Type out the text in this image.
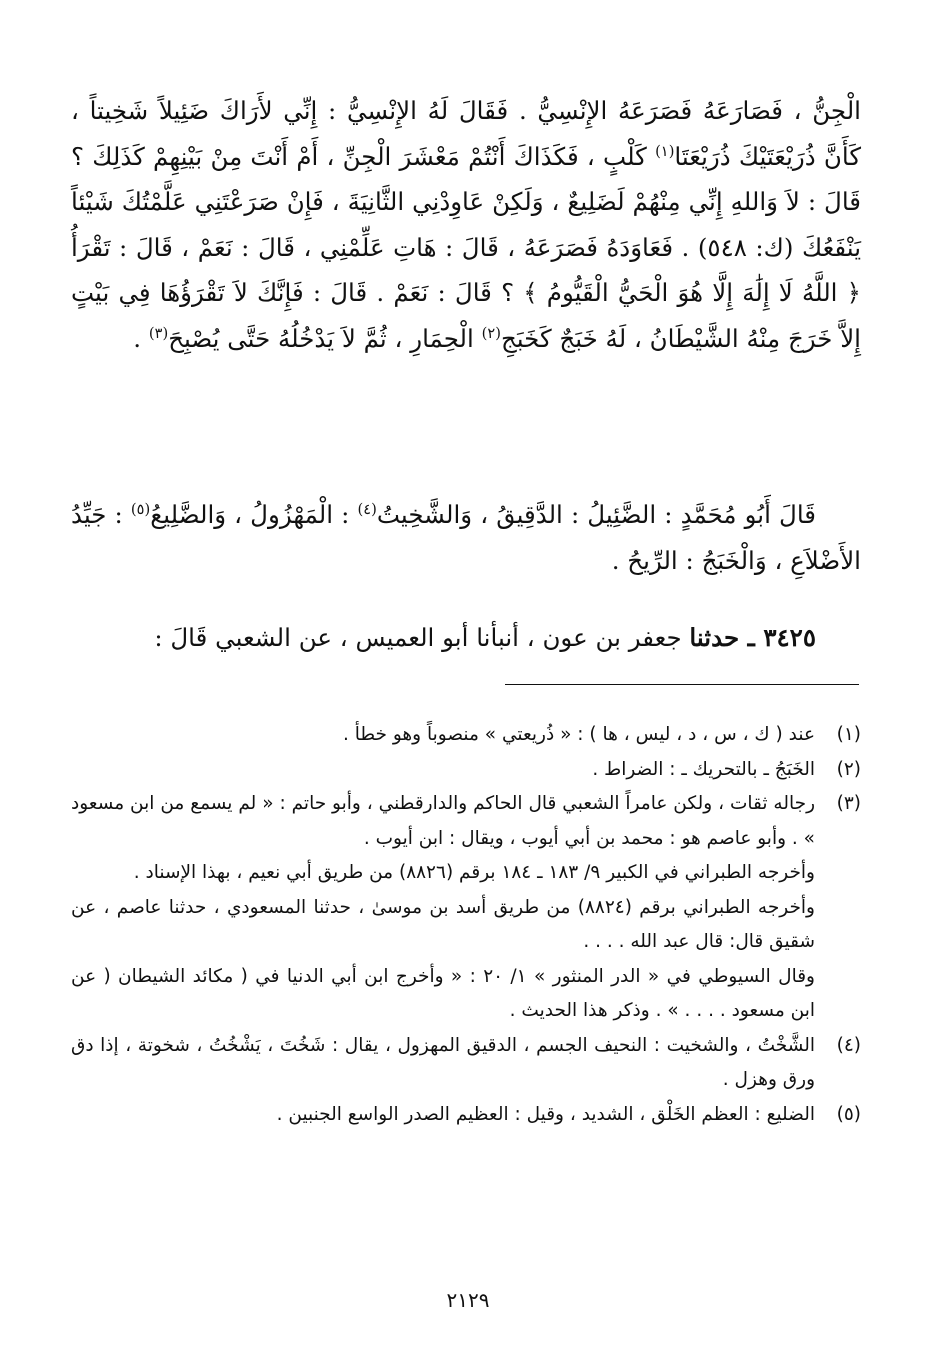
الْجِنُّ ، فَصَارَعَهُ فَصَرَعَهُ الإِنْسِيُّ . فَقَالَ لَهُ الإِنْسِيُّ : إِنِّي لأَرَاكَ ضَئِيلاً شَخِيتاً ، كَأَنَّ ذُرَيْعَتَيْكَ ذُرَيْعَتَا$^{(١)}$ كَلْبٍ ، فَكَذَاكَ أَنْتُمْ مَعْشَرَ الْجِنِّ ، أَمْ أَنْتَ مِنْ بَيْنِهِمْ كَذَلِكَ ؟ قَالَ : لاَ وَاللهِ إِنِّي مِنْهُمْ لَضَلِيعٌ ، وَلَكِنْ عَاوِدْنِي الثَّانِيَةَ ، فَإِنْ صَرَعْتَنِي عَلَّمْتُكَ شَيْئاً يَنْفَعُكَ (ك: ٥٤٨) . فَعَاوَدَهُ فَصَرَعَهُ ، قَالَ : هَاتِ عَلِّمْنِي ، قَالَ : نَعَمْ ، قَالَ : تَقْرَأُ ﴿ اللَّهُ لَا إِلَٰهَ إِلَّا هُوَ الْحَيُّ الْقَيُّومُ ﴾ ؟ قَالَ : نَعَمْ . قَالَ : فَإِنَّكَ لاَ تَقْرَؤُهَا فِي بَيْتٍ إِلاَّ خَرَجَ مِنْهُ الشَّيْطَانُ ، لَهُ خَبَجٌ كَخَبَجِ$^{(٢)}$ الْحِمَارِ ، ثُمَّ لاَ يَدْخُلُهُ حَتَّى يُصْبِحَ$^{(٣)}$ .

قَالَ أَبُو مُحَمَّدٍ : الضَّئِيلُ : الدَّقِيقُ ، وَالشَّخِيتُ$^{(٤)}$ : الْمَهْزُولُ ، وَالضَّلِيعُ$^{(٥)}$ : جَيِّدُ الأَضْلاَعِ ، وَالْخَبَجُ : الرِّيحُ .

٣٤٢٥ ـ حدثنا جعفر بن عون ، أنبأنا أبو العميس ، عن الشعبي قَالَ :
(١)

عند ( ك ، س ، د ، ليس ، ها ) : « ذُريعتي » منصوباً وهو خطأ .

(٢)

الخَبَجُ ـ بالتحريك ـ : الضراط .

(٣)

رجاله ثقات ، ولكن عامراً الشعبي قال الحاكم والدارقطني ، وأبو حاتم : « لم يسمع من ابن مسعود » . وأبو عاصم هو : محمد بن أبي أيوب ، ويقال : ابن أيوب .

وأخرجه الطبراني في الكبير ٩/ ١٨٣ ـ ١٨٤ برقم (٨٨٢٦) من طريق أبي نعيم ، بهذا الإسناد .

وأخرجه الطبراني برقم (٨٨٢٤) من طريق أسد بن موسىٰ ، حدثنا المسعودي ، حدثنا عاصم ، عن شقيق قال: قال عبد الله . . . .

وقال السيوطي في « الدر المنثور » ١/ ٢٠ : « وأخرج ابن أبي الدنيا في ( مكائد الشيطان ( عن ابن مسعود . . . . » . وذكر هذا الحديث .

(٤)

الشَّخْتُ ، والشخيت : النحيف الجسم ، الدقيق المهزول ، يقال : شَخُتَ ، يَشْخُتُ ، شخوتة ، إذا دق ورق وهزل .

(٥)

الضليع : العظم الخَلْق ، الشديد ، وقيل : العظيم الصدر الواسع الجنبين .

٢١٢٩
